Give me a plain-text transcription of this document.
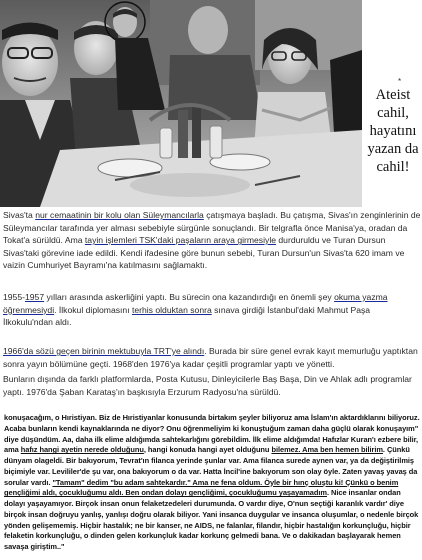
*
Ateist
cahil,
hayatını
yazan da
cahil!

Sivas'ta nur cemaatinin bir kolu olan Süleymancılarla çatışmaya başladı. Bu çatışma, Sivas'ın zenginlerinin de Süleymancılar tarafında yer alması sebebiyle sürgünle sonuçlandı. Bir telgrafla önce Manisa'ya, oradan da Tokat'a sürüldü. Ama tayin işlemleri TSK'daki paşaların araya girmesiyle durduruldu ve Turan Dursun Sivas'taki görevine iade edildi. Kendi ifadesine göre bunun sebebi, Turan Dursun'un Sivas'ta 620 imam ve vaizin Cumhuriyet Bayramı'na katılmasını sağlamaktı.

1955-1957 yılları arasında askerliğini yaptı. Bu sürecin ona kazandırdığı en önemli şey okuma yazma öğrenmesiydi. İlkokul diplomasını terhis olduktan sonra sınava girdiği İstanbul'daki Mahmut Paşa İlkokulu'ndan aldı.

1966'da sözü geçen birinin mektubuyla TRT'ye alındı. Burada bir süre genel evrak kayıt memurluğu yaptıktan sonra yayın bölümüne geçti. 1968'den 1976'ya kadar çeşitli programlar yaptı ve yönetti.

Bunların dışında da farklı platformlarda, Posta Kutusu, Dinleyicilerle Baş Başa, Din ve Ahlak adlı programlar yaptı. 1976'da Şaban Karataş'ın başkısıyla Erzurum Radyosu'na sürüldü.

konuşacağım, o Hıristiyan. Biz de Hıristiyanlar konusunda birtakım şeyler biliyoruz ama İslam'ın aktardıklarını biliyoruz. Acaba bunların kendi kaynaklarında ne diyor? Onu öğrenmeliyim ki konuştuğum zaman daha güçlü olarak konuşayım" diye düşündüm. Aa, daha ilk elime aldığımda sahtekarlığını görebildim. İlk elime aldığımda! Hafızlar Kuran'ı ezbere bilir, ama hafız hangi ayetin nerede olduğunu, hangi konuda hangi ayet olduğunu bilemez. Ama ben hemen bilirim. Çünkü dünyam olageldi. Bir bakıyorum, Tevrat'ın filanca yerinde şunlar var. Ama filanca surede aynen var, ya da değiştirilmiş biçimiyle var. Levililer'de şu var, ona bakıyorum o da var. Hatta İncil'ine bakıyorum son olay öyle. Zaten yavaş yavaş da sorular vardı. "Tamam" dedim "bu adam sahtekardır." Ama ne fena oldum. Öyle bir hınç oluştu ki! Çünkü o benim gençliğimi aldı, çocukluğumu aldı. Ben ondan dolayı gençliğimi, çocukluğumu yaşayamadım. Nice insanlar ondan dolayı yaşayamıyor. Birçok insan onun felaketzedeleri durumunda. O vardır diye, O'nun seçtiği karanlık vardır' diye birçok insan doğruyu yanlış, yanlışı doğru olarak biliyor. Yani insanca duygular ve insanca oluşumlar, o nedenle birçok yönden gelişememiş. Hiçbir hastalık; ne bir kanser, ne AIDS, ne falanlar, filandır, hiçbir hastalığın korkunçluğu, hiçbir felaketin korkunçluğu, o dinden gelen korkunçluk kadar korkunç gelmedi bana. Ve o dakikadan başlayarak hemen savaşa giriştim.."
